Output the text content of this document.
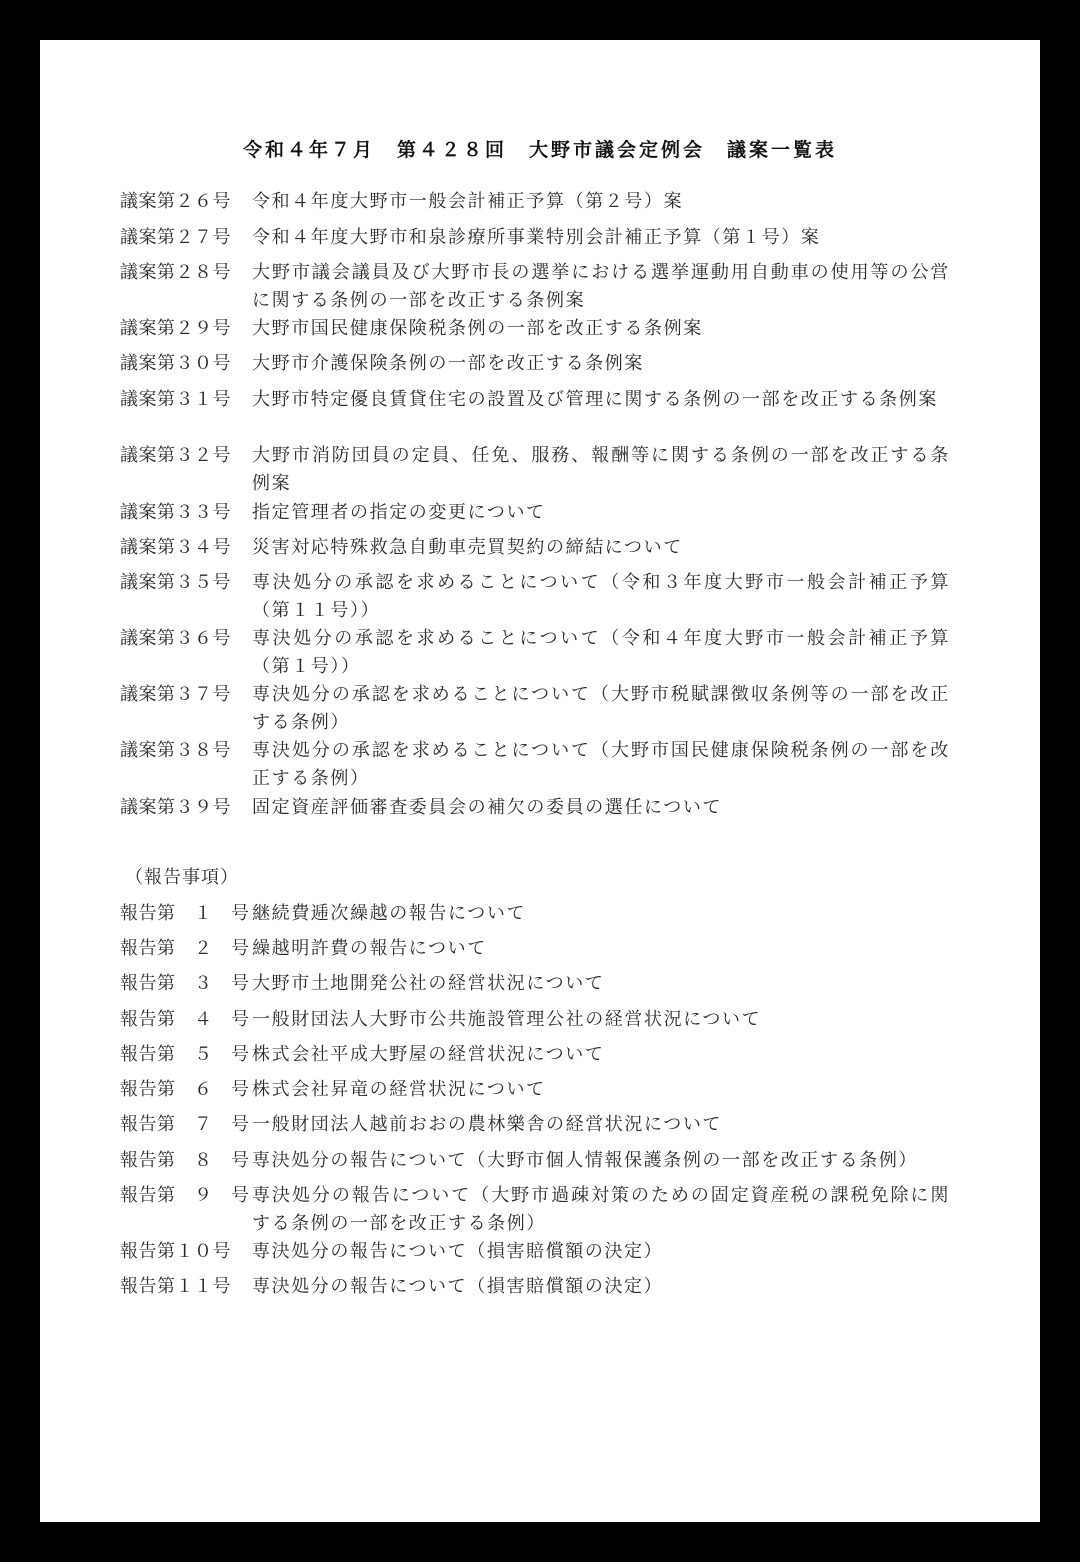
令和４年７月　第４２８回　大野市議会定例会　議案一覧表
議案第２６号	令和４年度大野市一般会計補正予算（第２号）案
議案第２７号	令和４年度大野市和泉診療所事業特別会計補正予算（第１号）案
議案第２８号	大野市議会議員及び大野市長の選挙における選挙運動用自動車の使用等の公営に関する条例の一部を改正する条例案
議案第２９号	大野市国民健康保険税条例の一部を改正する条例案
議案第３０号	大野市介護保険条例の一部を改正する条例案
議案第３１号	大野市特定優良賃貸住宅の設置及び管理に関する条例の一部を改正する条例案
議案第３２号	大野市消防団員の定員、任免、服務、報酬等に関する条例の一部を改正する条例案
議案第３３号	指定管理者の指定の変更について
議案第３４号	災害対応特殊救急自動車売買契約の締結について
議案第３５号	専決処分の承認を求めることについて（令和３年度大野市一般会計補正予算（第１１号））
議案第３６号	専決処分の承認を求めることについて（令和４年度大野市一般会計補正予算（第１号））
議案第３７号	専決処分の承認を求めることについて（大野市税賦課徴収条例等の一部を改正する条例）
議案第３８号	専決処分の承認を求めることについて（大野市国民健康保険税条例の一部を改正する条例）
議案第３９号	固定資産評価審査委員会の補欠の委員の選任について
（報告事項）
報告第　１　号 継続費逓次繰越の報告について
報告第　２　号 繰越明許費の報告について
報告第　３　号 大野市土地開発公社の経営状況について
報告第　４　号 一般財団法人大野市公共施設管理公社の経営状況について
報告第　５　号 株式会社平成大野屋の経営状況について
報告第　６　号 株式会社昇竜の経営状況について
報告第　７　号 一般財団法人越前おおの農林樂舎の経営状況について
報告第　８　号 専決処分の報告について（大野市個人情報保護条例の一部を改正する条例）
報告第　９　号 専決処分の報告について（大野市過疎対策のための固定資産税の課税免除に関する条例の一部を改正する条例）
報告第１０号	専決処分の報告について（損害賠償額の決定）
報告第１１号	専決処分の報告について（損害賠償額の決定）
